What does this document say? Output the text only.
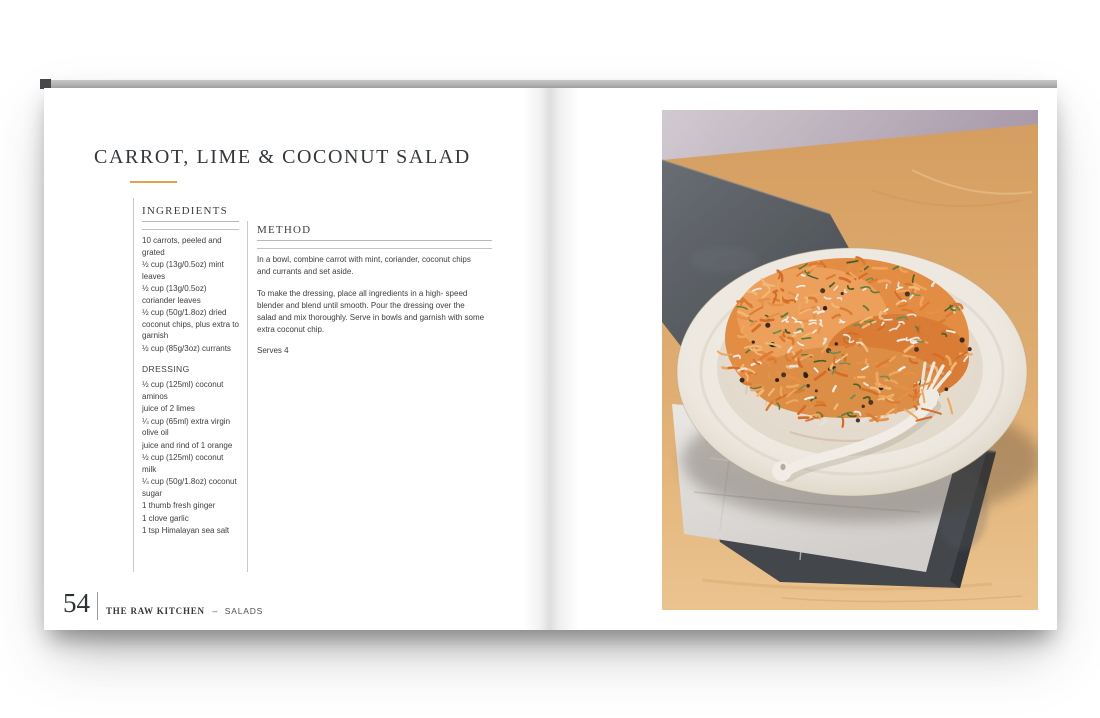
CARROT, LIME & COCONUT SALAD
INGREDIENTS
10 carrots, peeled and grated
½ cup (13g/0.5oz) mint leaves
½ cup (13g/0.5oz) coriander leaves
½ cup (50g/1.8oz) dried coconut chips, plus extra to garnish
½ cup (85g/3oz) currants
DRESSING
½ cup (125ml) coconut aminos
juice of 2 limes
¼ cup (65ml) extra virgin olive oil
juice and rind of 1 orange
½ cup (125ml) coconut milk
¼ cup (50g/1.8oz) coconut sugar
1 thumb fresh ginger
1 clove garlic
1 tsp Himalayan sea salt
METHOD
In a bowl, combine carrot with mint, coriander, coconut chips and currants and set aside.
To make the dressing, place all ingredients in a high- speed blender and blend until smooth. Pour the dressing over the salad and mix thoroughly. Serve in bowls and garnish with some extra coconut chip.
Serves 4
54 THE RAW KITCHEN – SALADS
